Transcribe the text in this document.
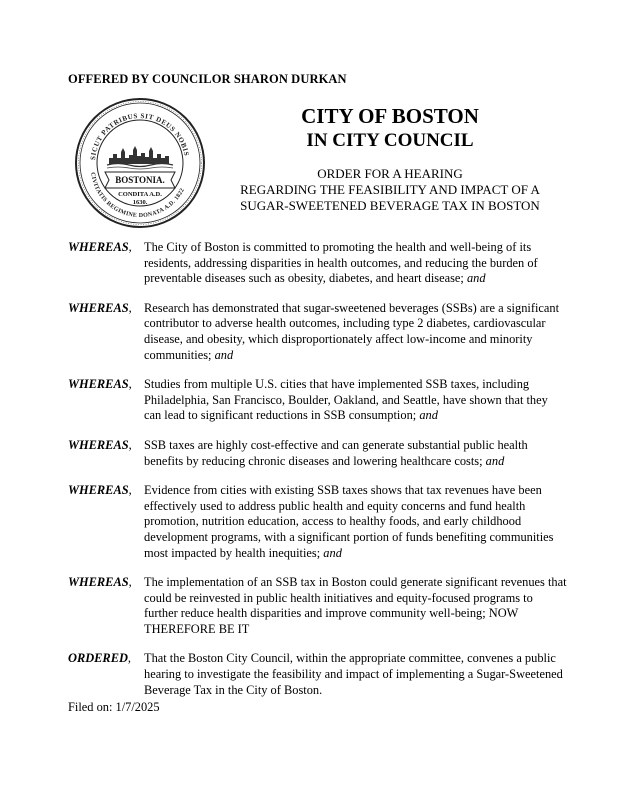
OFFERED BY COUNCILOR SHARON DURKAN
SICUT PATRIBUS SIT DEUS NOBIS
CIVITATIS REGIMINE DONATA A.D. 1822
BOSTONIA.
CONDITA A.D.
1630.
CITY OF BOSTON
IN CITY COUNCIL
ORDER FOR A HEARING
REGARDING THE FEASIBILITY AND IMPACT OF A
SUGAR-SWEETENED BEVERAGE TAX IN BOSTON
WHEREAS, The City of Boston is committed to promoting the health and well-being of its residents, addressing disparities in health outcomes, and reducing the burden of preventable diseases such as obesity, diabetes, and heart disease; and
WHEREAS, Research has demonstrated that sugar-sweetened beverages (SSBs) are a significant contributor to adverse health outcomes, including type 2 diabetes, cardiovascular disease, and obesity, which disproportionately affect low-income and minority communities; and
WHEREAS, Studies from multiple U.S. cities that have implemented SSB taxes, including Philadelphia, San Francisco, Boulder, Oakland, and Seattle, have shown that they can lead to significant reductions in SSB consumption; and
WHEREAS, SSB taxes are highly cost-effective and can generate substantial public health benefits by reducing chronic diseases and lowering healthcare costs; and
WHEREAS, Evidence from cities with existing SSB taxes shows that tax revenues have been effectively used to address public health and equity concerns and fund health promotion, nutrition education, access to healthy foods, and early childhood development programs, with a significant portion of funds benefiting communities most impacted by health inequities; and
WHEREAS, The implementation of an SSB tax in Boston could generate significant revenues that could be reinvested in public health initiatives and equity-focused programs to further reduce health disparities and improve community well-being; NOW THEREFORE BE IT
ORDERED,	That the Boston City Council, within the appropriate committee, convenes a public hearing to investigate the feasibility and impact of implementing a Sugar-Sweetened Beverage Tax in the City of Boston.
Filed on: 1/7/2025
